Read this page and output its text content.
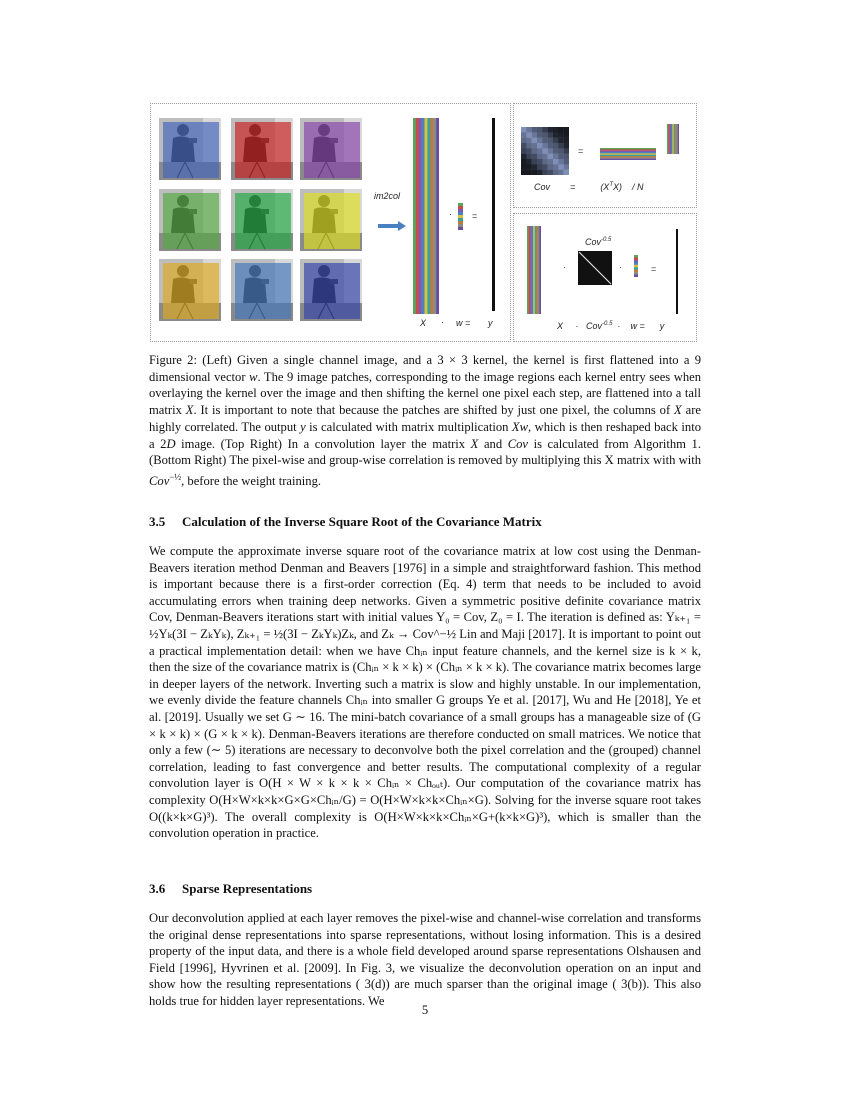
im2col
· =
X · w = y
=
Cov =	$(X^TX)$ / N
·
Cov$^{-0.5}$
·	=
X · Cov$^{-0.5}$ · w = y

Figure 2: (Left) Given a single channel image, and a 3 × 3 kernel, the kernel is first flattened into a 9 dimensional vector w. The 9 image patches, corresponding to the image regions each kernel entry sees when overlaying the kernel over the image and then shifting the kernel one pixel each step, are flattened into a tall matrix X. It is important to note that because the patches are shifted by just one pixel, the columns of X are highly correlated. The output y is calculated with matrix multiplication Xw, which is then reshaped back into a 2D image. (Top Right) In a convolution layer the matrix X and Cov is calculated from Algorithm 1. (Bottom Right) The pixel-wise and group-wise correlation is removed by multiplying this X matrix with with Cov$^{-\frac{1}{2}}$, before the weight training.

3.5 Calculation of the Inverse Square Root of the Covariance Matrix

We compute the approximate inverse square root of the covariance matrix at low cost using the Denman-Beavers iteration method Denman and Beavers [1976] in a simple and straightforward fashion. This method is important because there is a first-order correction (Eq. 4) term that needs to be included to avoid accumulating errors when training deep networks. Given a symmetric positive definite covariance matrix Cov, Denman-Beavers iterations start with initial values Y₀ = Cov, Z₀ = I. The iteration is defined as: Yₖ₊₁ = ½Yₖ(3I − ZₖYₖ), Zₖ₊₁ = ½(3I − ZₖYₖ)Zₖ, and Zₖ → Cov^−½ Lin and Maji [2017]. It is important to point out a practical implementation detail: when we have Chᵢₙ input feature channels, and the kernel size is k × k, then the size of the covariance matrix is (Chᵢₙ × k × k) × (Chᵢₙ × k × k). The covariance matrix becomes large in deeper layers of the network. Inverting such a matrix is slow and highly unstable. In our implementation, we evenly divide the feature channels Chᵢₙ into smaller G groups Ye et al. [2017], Wu and He [2018], Ye et al. [2019]. Usually we set G ∼ 16. The mini-batch covariance of a small groups has a manageable size of (G × k × k) × (G × k × k). Denman-Beavers iterations are therefore conducted on small matrices. We notice that only a few (∼ 5) iterations are necessary to deconvolve both the pixel correlation and the (grouped) channel correlation, leading to fast convergence and better results. The computational complexity of a regular convolution layer is O(H × W × k × k × Chᵢₙ × Chₒᵤₜ). Our computation of the covariance matrix has complexity O(H×W×k×k×G×G×Chᵢₙ/G) = O(H×W×k×k×Chᵢₙ×G). Solving for the inverse square root takes O((k×k×G)³). The overall complexity is O(H×W×k×k×Chᵢₙ×G+(k×k×G)³), which is smaller than the convolution operation in practice.

3.6 Sparse Representations

Our deconvolution applied at each layer removes the pixel-wise and channel-wise correlation and transforms the original dense representations into sparse representations, without losing information. This is a desired property of the input data, and there is a whole field developed around sparse representations Olshausen and Field [1996], Hyvrinen et al. [2009]. In Fig. 3, we visualize the deconvolution operation on an input and show how the resulting representations ( 3(d)) are much sparser than the original image ( 3(b)). This also holds true for hidden layer representations. We

5
